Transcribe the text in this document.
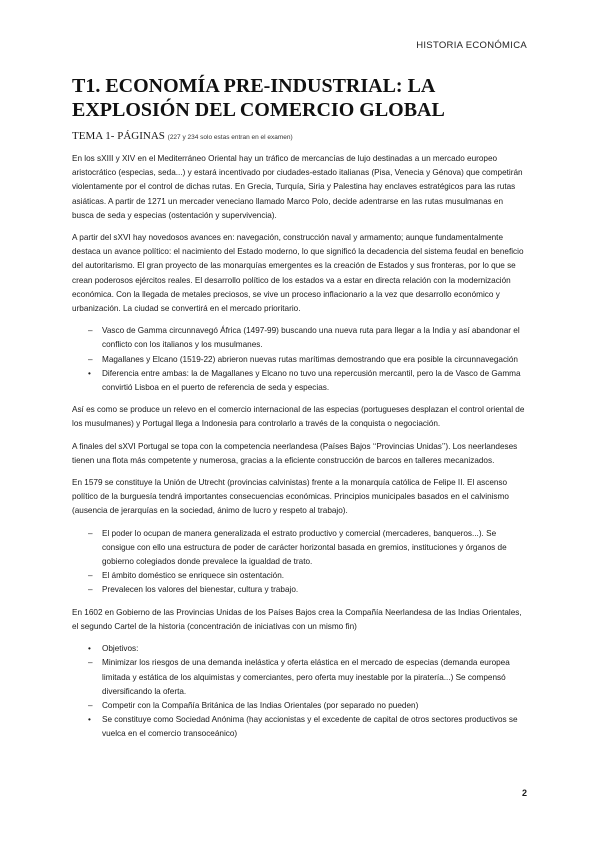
HISTORIA ECONÓMICA
T1. ECONOMÍA PRE-INDUSTRIAL: LA EXPLOSIÓN DEL COMERCIO GLOBAL
TEMA 1- PÁGINAS (227 y 234 solo estas entran en el examen)

En los sXIII y XIV en el Mediterráneo Oriental hay un tráfico de mercancías de lujo destinadas a un mercado europeo aristocrático (especias, seda...) y estará incentivado por ciudades-estado italianas (Pisa, Venecia y Génova) que competirán violentamente por el control de dichas rutas. En Grecia, Turquía, Siria y Palestina hay enclaves estratégicos para las rutas asiáticas. A partir de 1271 un mercader veneciano llamado Marco Polo, decide adentrarse en las rutas musulmanas en busca de seda y especias (ostentación y supervivencia).

A partir del sXVI hay novedosos avances en: navegación, construcción naval y armamento; aunque fundamentalmente destaca un avance político: el nacimiento del Estado moderno, lo que significó la decadencia del sistema feudal en beneficio del autoritarismo. El gran proyecto de las monarquías emergentes es la creación de Estados y sus fronteras, por lo que se crean poderosos ejércitos reales. El desarrollo político de los estados va a estar en directa relación con la modernización económica. Con la llegada de metales preciosos, se vive un proceso inflacionario a la vez que desarrollo económico y urbanización. La ciudad se convertirá en el mercado prioritario.

–	Vasco de Gamma circunnavegó África (1497-99) buscando una nueva ruta para llegar a la India y así abandonar el conflicto con los italianos y los musulmanes.
–	Magallanes y Elcano (1519-22) abrieron nuevas rutas marítimas demostrando que era posible la circunnavegación
•	Diferencia entre ambas: la de Magallanes y Elcano no tuvo una repercusión mercantil, pero la de Vasco de Gamma convirtió Lisboa en el puerto de referencia de seda y especias.

Así es como se produce un relevo en el comercio internacional de las especias (portugueses desplazan el control oriental de los musulmanes) y Portugal llega a Indonesia para controlarlo a través de la conquista o negociación.

A finales del sXVI Portugal se topa con la competencia neerlandesa (Países Bajos ‘‘Provincias Unidas’’). Los neerlandeses tienen una flota más competente y numerosa, gracias a la eficiente construcción de barcos en talleres mecanizados.

En 1579 se constituye la Unión de Utrecht (provincias calvinistas) frente a la monarquía católica de Felipe II. El ascenso político de la burguesía tendrá importantes consecuencias económicas. Principios municipales basados en el calvinismo (ausencia de jerarquías en la sociedad, ánimo de lucro y respeto al trabajo).

–	El poder lo ocupan de manera generalizada el estrato productivo y comercial (mercaderes, banqueros...). Se consigue con ello una estructura de poder de carácter horizontal basada en gremios, instituciones y órganos de gobierno colegiados donde prevalece la igualdad de trato.
–	El ámbito doméstico se enriquece sin ostentación.
–	Prevalecen los valores del bienestar, cultura y trabajo.

En 1602 en Gobierno de las Provincias Unidas de los Países Bajos crea la Compañía Neerlandesa de las Indias Orientales, el segundo Cartel de la historia (concentración de iniciativas con un mismo fin)

•	Objetivos:
–	Minimizar los riesgos de una demanda inelástica y oferta elástica en el mercado de especias (demanda europea limitada y estática de los alquimistas y comerciantes, pero oferta muy inestable por la piratería...) Se compensó diversificando la oferta.
–	Competir con la Compañía Británica de las Indias Orientales (por separado no pueden)
•	Se constituye como Sociedad Anónima (hay accionistas y el excedente de capital de otros sectores productivos se vuelca en el comercio transoceánico)
2
